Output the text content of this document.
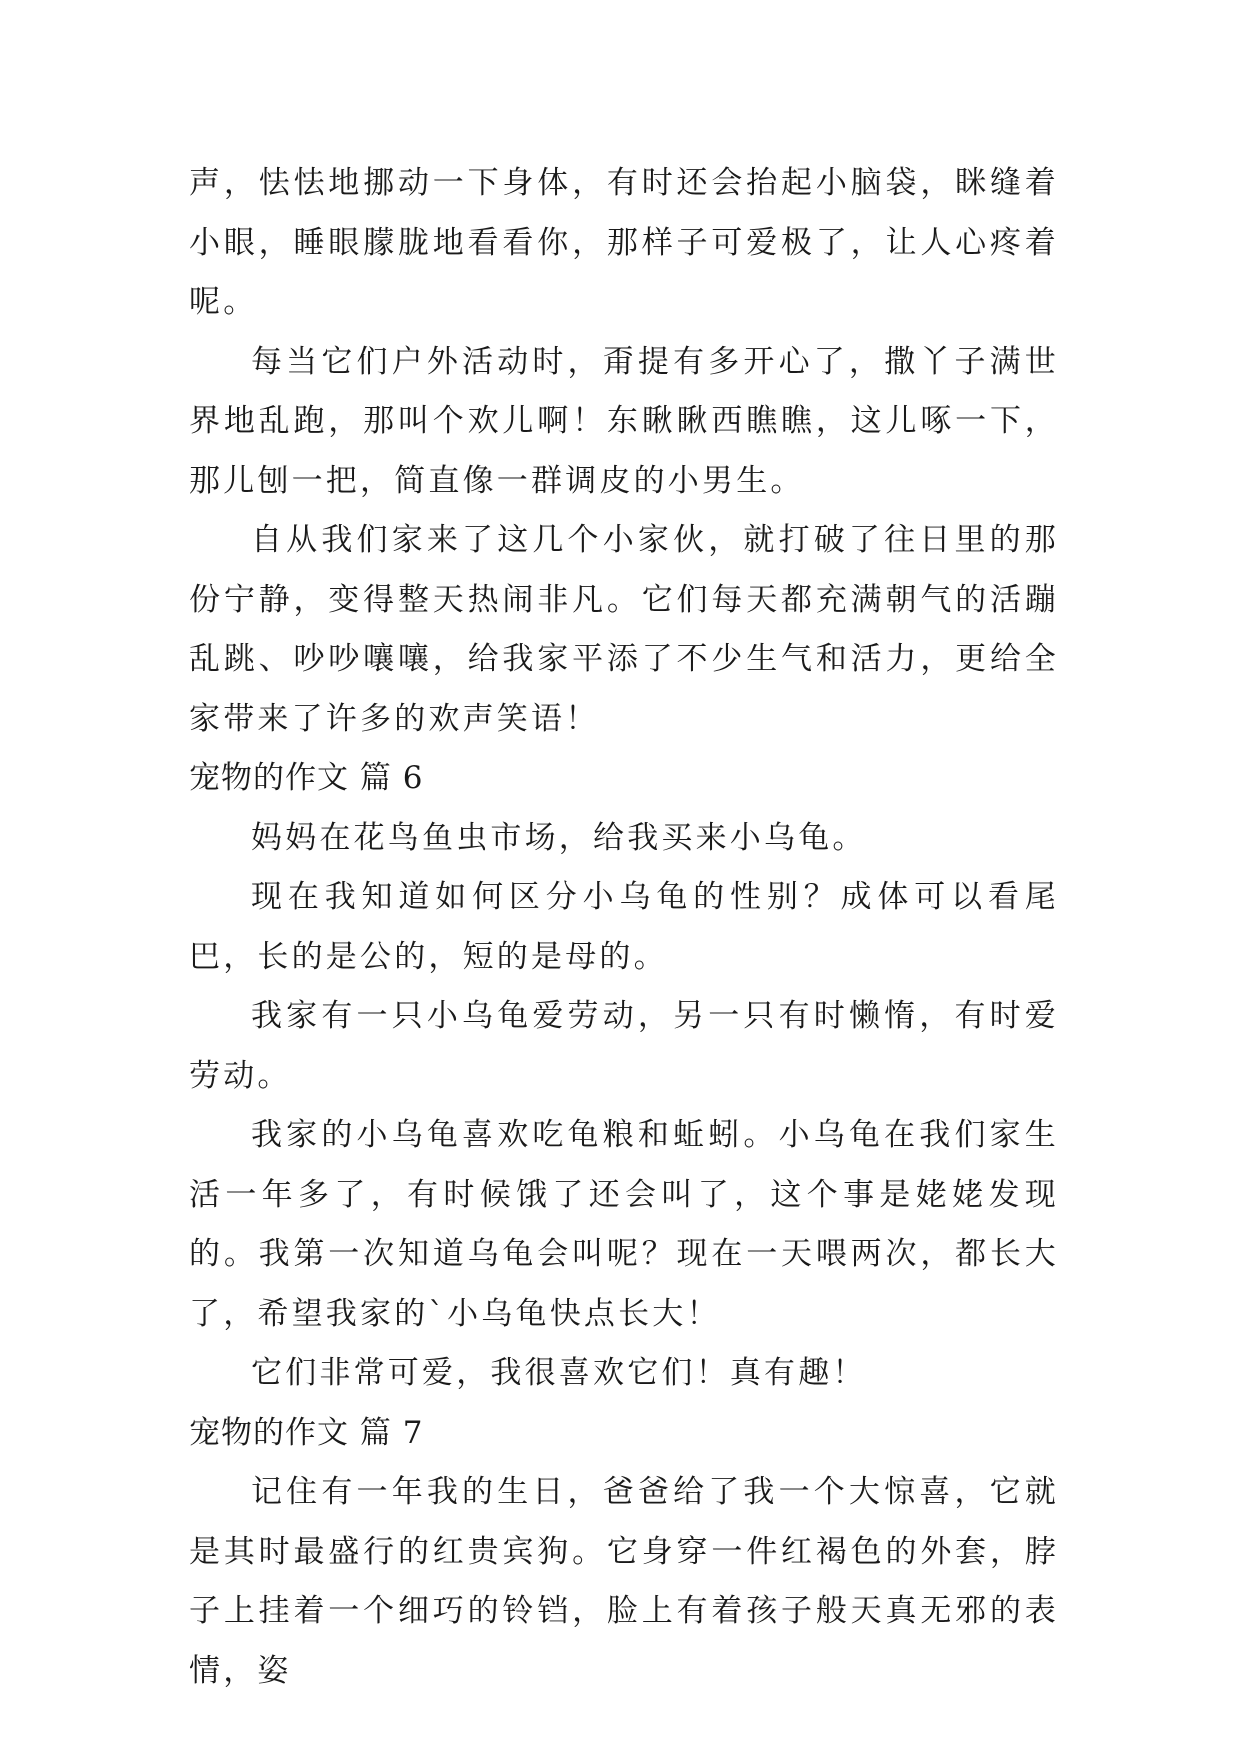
声，怯怯地挪动一下身体，有时还会抬起小脑袋，眯缝着小眼，睡眼朦胧地看看你，那样子可爱极了，让人心疼着呢。

每当它们户外活动时，甭提有多开心了，撒丫子满世界地乱跑，那叫个欢儿啊！东瞅瞅西瞧瞧，这儿啄一下，那儿刨一把，简直像一群调皮的小男生。

自从我们家来了这几个小家伙，就打破了往日里的那份宁静，变得整天热闹非凡。它们每天都充满朝气的活蹦乱跳、吵吵嚷嚷，给我家平添了不少生气和活力，更给全家带来了许多的欢声笑语！

宠物的作文 篇 6

妈妈在花鸟鱼虫市场，给我买来小乌龟。

现在我知道如何区分小乌龟的性别？成体可以看尾巴，长的是公的，短的是母的。

我家有一只小乌龟爱劳动，另一只有时懒惰，有时爱劳动。

我家的小乌龟喜欢吃龟粮和蚯蚓。小乌龟在我们家生活一年多了，有时候饿了还会叫了，这个事是姥姥发现的。我第一次知道乌龟会叫呢？现在一天喂两次，都长大了，希望我家的`小乌龟快点长大！

它们非常可爱，我很喜欢它们！真有趣！

宠物的作文 篇 7

记住有一年我的生日，爸爸给了我一个大惊喜，它就是其时最盛行的红贵宾狗。它身穿一件红褐色的外套，脖子上挂着一个细巧的铃铛，脸上有着孩子般天真无邪的表情，姿
